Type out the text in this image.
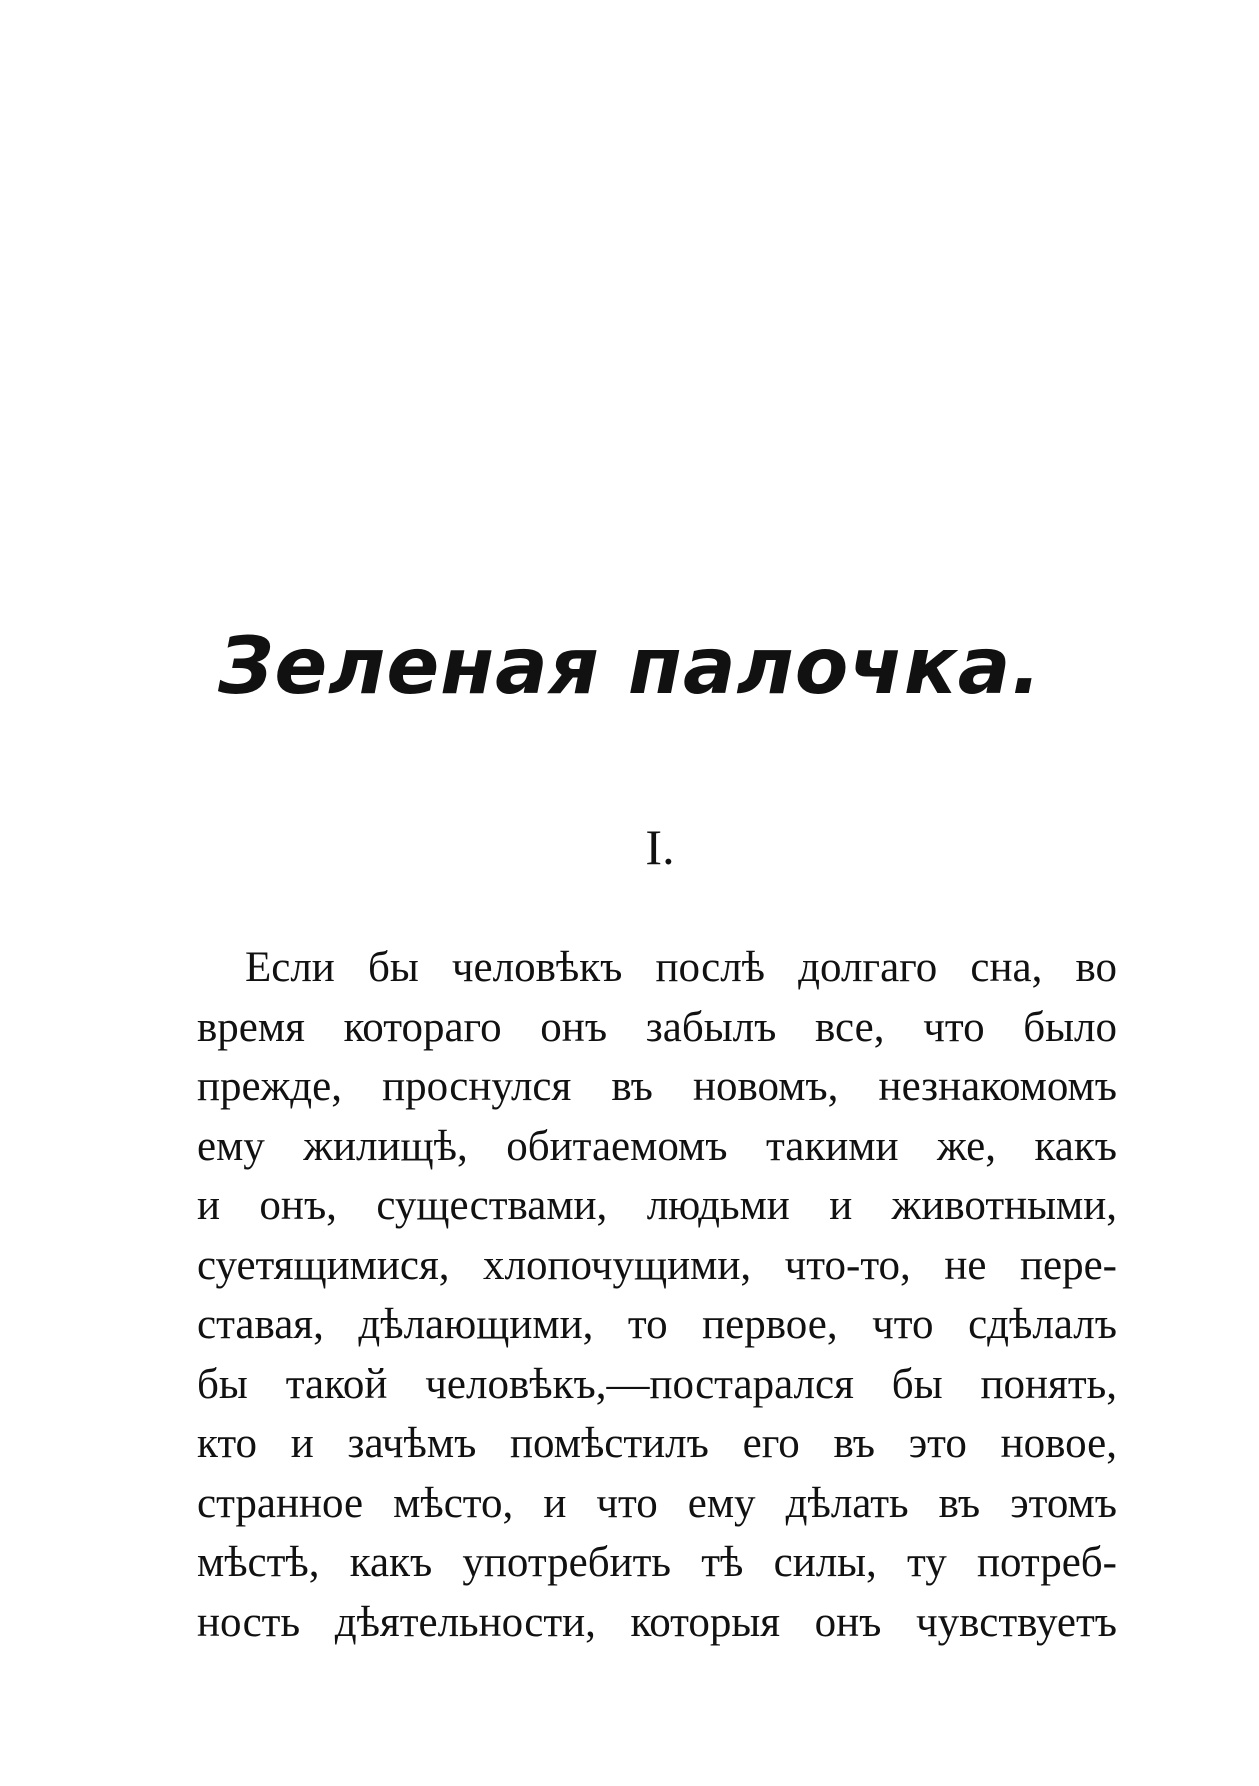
Зеленая палочка.
I.
Если бы человѣкъ послѣ долгаго сна, во
время котораго онъ забылъ все, что было
прежде, проснулся въ новомъ, незнакомомъ
ему жилищѣ, обитаемомъ такими же, какъ
и онъ, существами, людьми и животными,
суетящимися, хлопочущими, что-то, не пере-
ставая, дѣлающими, то первое, что сдѣлалъ
бы такой человѣкъ,—постарался бы понять,
кто и зачѣмъ помѣстилъ его въ это новое,
странное мѣсто, и что ему дѣлать въ этомъ
мѣстѣ, какъ употребить тѣ силы, ту потреб-
ность дѣятельности, которыя онъ чувствуетъ
